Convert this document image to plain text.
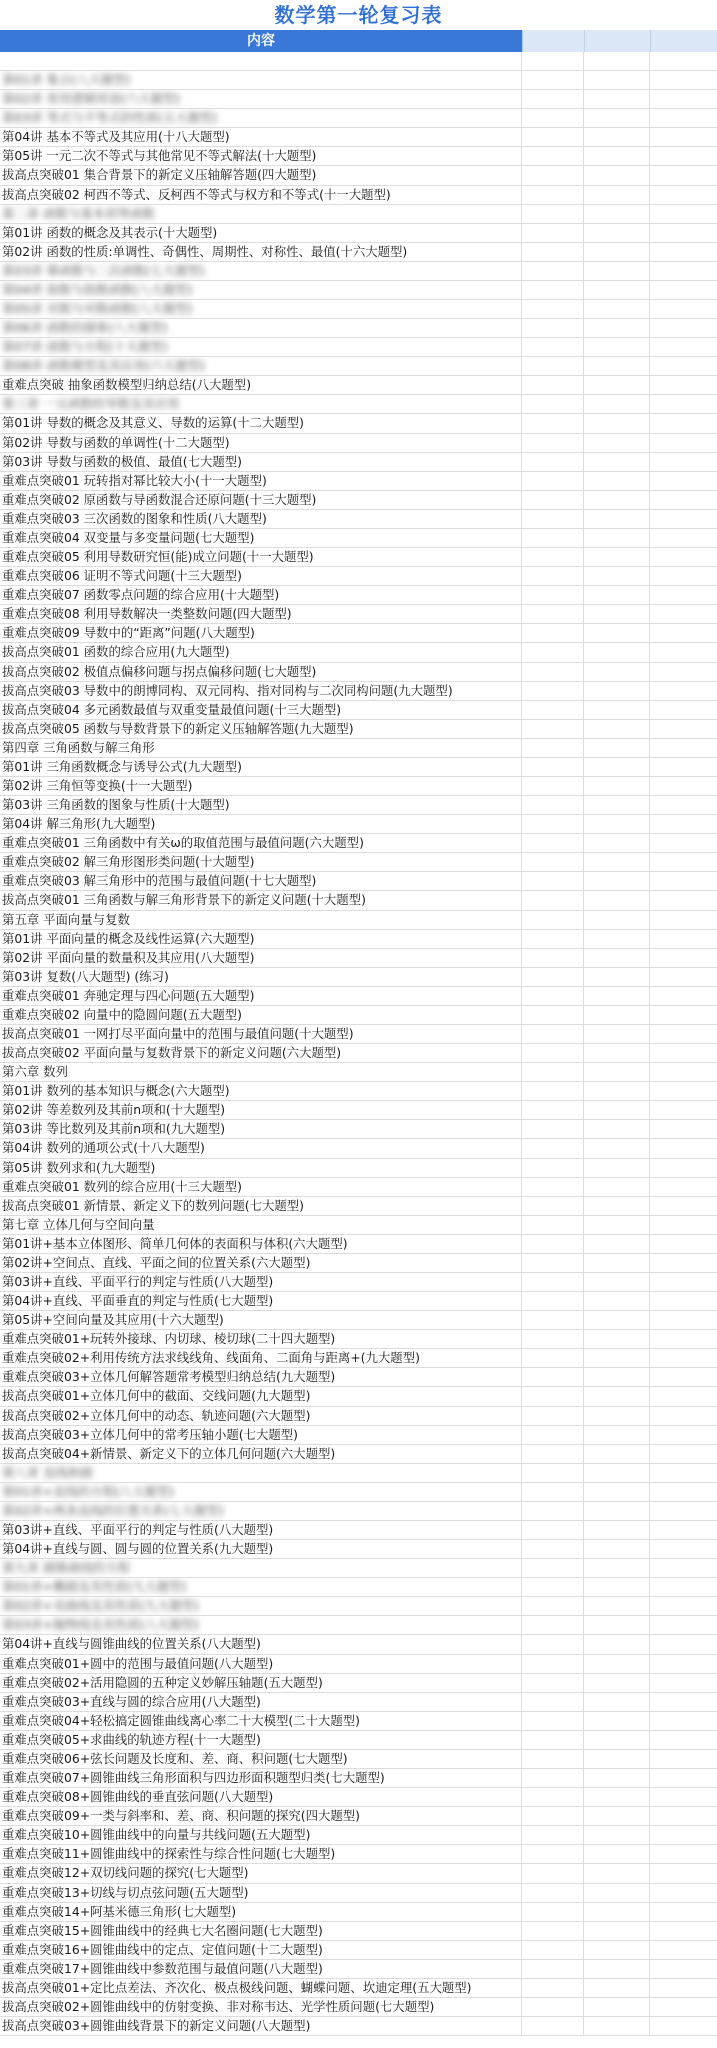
数学第一轮复习表
内容
第01讲 集合(八大题型)
第02讲 常用逻辑用语(六大题型)
第03讲 等式与不等式的性质(五大题型)
第04讲 基本不等式及其应用(十八大题型)
第05讲 一元二次不等式与其他常见不等式解法(十大题型)
拔高点突破01 集合背景下的新定义压轴解答题(四大题型)
拔高点突破02 柯西不等式、反柯西不等式与权方和不等式(十一大题型)
第二章 函数与基本初等函数
第01讲 函数的概念及其表示(十大题型)
第02讲 函数的性质:单调性、奇偶性、周期性、对称性、最值(十六大题型)
第03讲 幂函数与二次函数(七大题型)
第04讲 指数与指数函数(八大题型)
第05讲 对数与对数函数(八大题型)
第06讲 函数的图象(八大题型)
第07讲 函数与方程(十大题型)
第08讲 函数模型及其应用(六大题型)
重难点突破 抽象函数模型归纳总结(八大题型)
第三章 一元函数的导数及其应用
第01讲 导数的概念及其意义、导数的运算(十二大题型)
第02讲 导数与函数的单调性(十二大题型)
第03讲 导数与函数的极值、最值(七大题型)
重难点突破01 玩转指对幂比较大小(十一大题型)
重难点突破02 原函数与导函数混合还原问题(十三大题型)
重难点突破03 三次函数的图象和性质(八大题型)
重难点突破04 双变量与多变量问题(七大题型)
重难点突破05 利用导数研究恒(能)成立问题(十一大题型)
重难点突破06 证明不等式问题(十三大题型)
重难点突破07 函数零点问题的综合应用(十大题型)
重难点突破08 利用导数解决一类整数问题(四大题型)
重难点突破09 导数中的“距离”问题(八大题型)
拔高点突破01 函数的综合应用(九大题型)
拔高点突破02 极值点偏移问题与拐点偏移问题(七大题型)
拔高点突破03 导数中的朗博同构、双元同构、指对同构与二次同构问题(九大题型)
拔高点突破04 多元函数最值与双重变量最值问题(十三大题型)
拔高点突破05 函数与导数背景下的新定义压轴解答题(九大题型)
第四章 三角函数与解三角形
第01讲 三角函数概念与诱导公式(九大题型)
第02讲 三角恒等变换(十一大题型)
第03讲 三角函数的图象与性质(十大题型)
第04讲 解三角形(九大题型)
重难点突破01 三角函数中有关ω的取值范围与最值问题(六大题型)
重难点突破02 解三角形图形类问题(十大题型)
重难点突破03 解三角形中的范围与最值问题(十七大题型)
拔高点突破01 三角函数与解三角形背景下的新定义问题(十大题型)
第五章 平面向量与复数
第01讲 平面向量的概念及线性运算(六大题型)
第02讲 平面向量的数量积及其应用(八大题型)
第03讲 复数(八大题型) (练习)
重难点突破01 奔驰定理与四心问题(五大题型)
重难点突破02 向量中的隐圆问题(五大题型)
拔高点突破01 一网打尽平面向量中的范围与最值问题(十大题型)
拔高点突破02 平面向量与复数背景下的新定义问题(六大题型)
第六章 数列
第01讲 数列的基本知识与概念(六大题型)
第02讲 等差数列及其前n项和(十大题型)
第03讲 等比数列及其前n项和(九大题型)
第04讲 数列的通项公式(十八大题型)
第05讲 数列求和(九大题型)
重难点突破01 数列的综合应用(十三大题型)
拔高点突破01 新情景、新定义下的数列问题(七大题型)
第七章 立体几何与空间向量
第01讲+基本立体图形、简单几何体的表面积与体积(六大题型)
第02讲+空间点、直线、平面之间的位置关系(六大题型)
第03讲+直线、平面平行的判定与性质(八大题型)
第04讲+直线、平面垂直的判定与性质(七大题型)
第05讲+空间向量及其应用(十六大题型)
重难点突破01+玩转外接球、内切球、棱切球(二十四大题型)
重难点突破02+利用传统方法求线线角、线面角、二面角与距离+(九大题型)
重难点突破03+立体几何解答题常考模型归纳总结(九大题型)
拔高点突破01+立体几何中的截面、交线问题(九大题型)
拔高点突破02+立体几何中的动态、轨迹问题(六大题型)
拔高点突破03+立体几何中的常考压轴小题(七大题型)
拔高点突破04+新情景、新定义下的立体几何问题(六大题型)
第八章 直线和圆
第01讲+直线的方程(八大题型)
第02讲+两条直线的位置关系(七大题型)
第03讲+直线、平面平行的判定与性质(八大题型)
第04讲+直线与圆、圆与圆的位置关系(九大题型)
第九章 圆锥曲线的方程
第01讲+椭圆及其性质(九大题型)
第02讲+双曲线及其性质(九大题型)
第03讲+抛物线及其性质(八大题型)
第04讲+直线与圆锥曲线的位置关系(八大题型)
重难点突破01+圆中的范围与最值问题(八大题型)
重难点突破02+活用隐圆的五种定义妙解压轴题(五大题型)
重难点突破03+直线与圆的综合应用(八大题型)
重难点突破04+轻松搞定圆锥曲线离心率二十大模型(二十大题型)
重难点突破05+求曲线的轨迹方程(十一大题型)
重难点突破06+弦长问题及长度和、差、商、积问题(七大题型)
重难点突破07+圆锥曲线三角形面积与四边形面积题型归类(七大题型)
重难点突破08+圆锥曲线的垂直弦问题(八大题型)
重难点突破09+一类与斜率和、差、商、积问题的探究(四大题型)
重难点突破10+圆锥曲线中的向量与共线问题(五大题型)
重难点突破11+圆锥曲线中的探索性与综合性问题(七大题型)
重难点突破12+双切线问题的探究(七大题型)
重难点突破13+切线与切点弦问题(五大题型)
重难点突破14+阿基米德三角形(七大题型)
重难点突破15+圆锥曲线中的经典七大名圈问题(七大题型)
重难点突破16+圆锥曲线中的定点、定值问题(十二大题型)
重难点突破17+圆锥曲线中参数范围与最值问题(八大题型)
拔高点突破01+定比点差法、齐次化、极点极线问题、蝴蝶问题、坎迪定理(五大题型)
拔高点突破02+圆锥曲线中的仿射变换、非对称韦达、光学性质问题(七大题型)
拔高点突破03+圆锥曲线背景下的新定义问题(八大题型)
